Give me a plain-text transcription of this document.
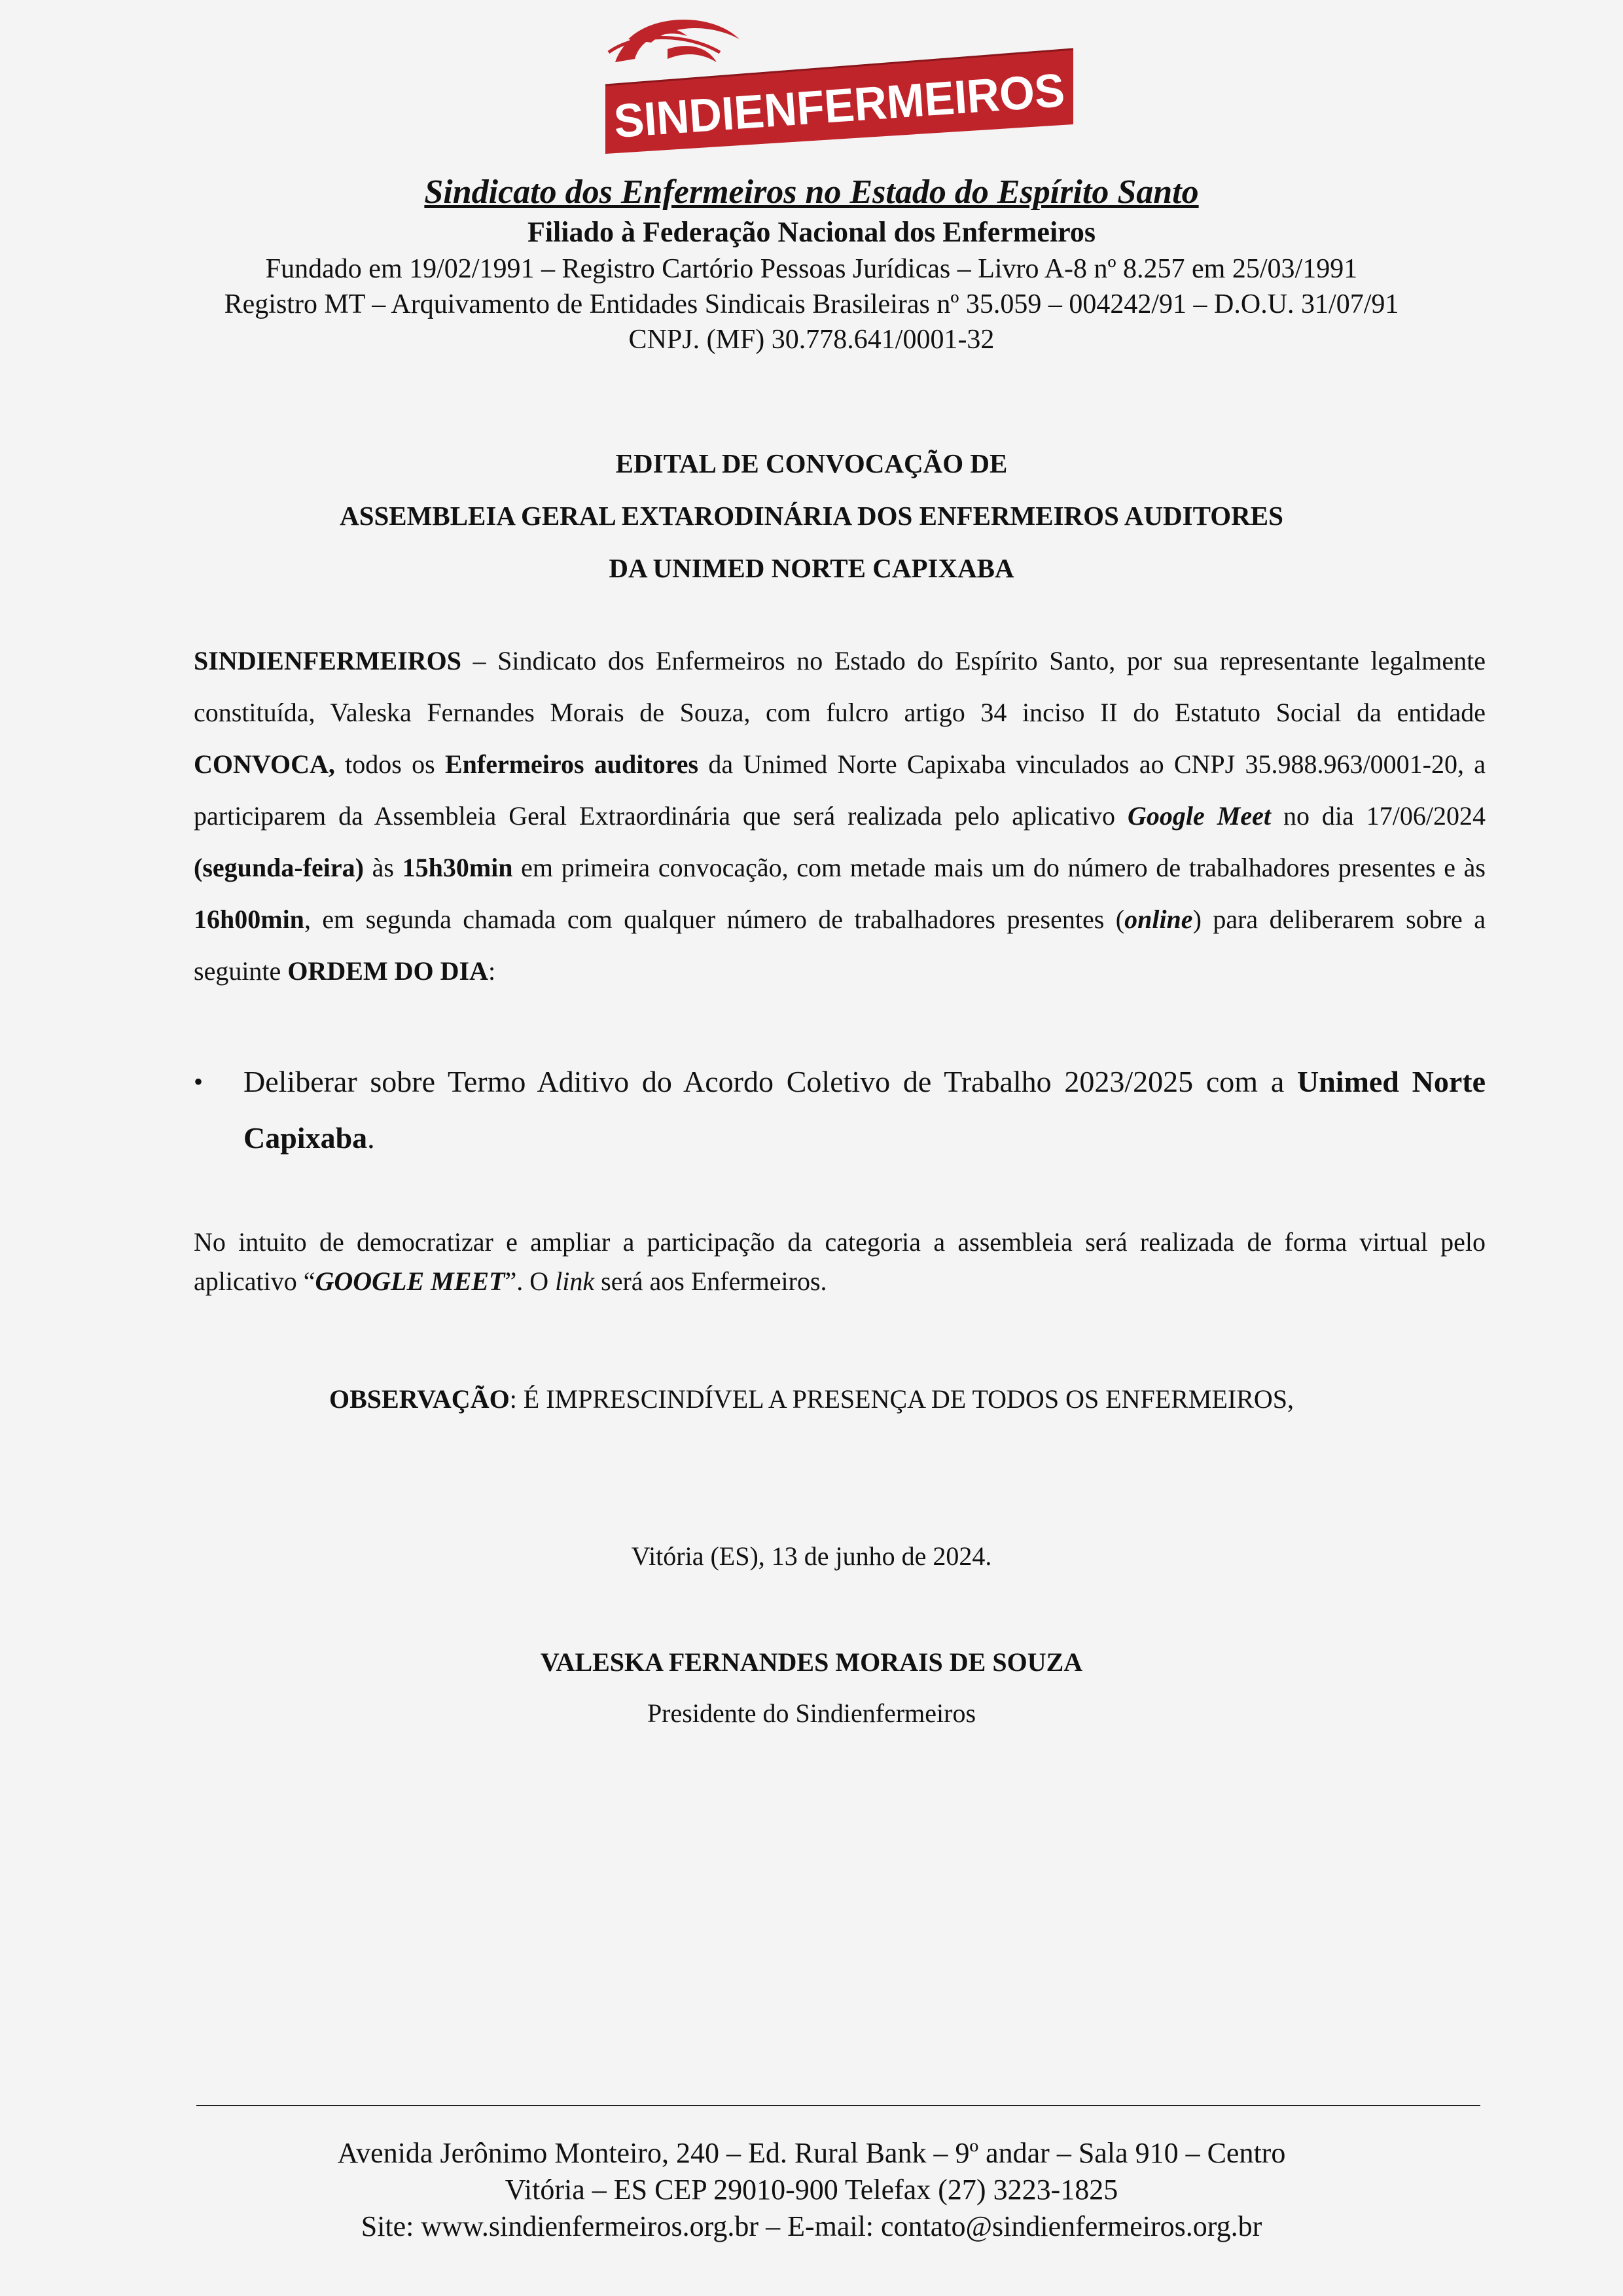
SINDIENFERMEIROS
Sindicato dos Enfermeiros no Estado do Espírito Santo
Filiado à Federação Nacional dos Enfermeiros
Fundado em 19/02/1991 – Registro Cartório Pessoas Jurídicas – Livro A-8 nº 8.257 em 25/03/1991
Registro MT – Arquivamento de Entidades Sindicais Brasileiras nº 35.059 – 004242/91 – D.O.U. 31/07/91
CNPJ. (MF) 30.778.641/0001-32
EDITAL DE CONVOCAÇÃO DE
ASSEMBLEIA GERAL EXTARODINÁRIA DOS ENFERMEIROS AUDITORES
DA UNIMED NORTE CAPIXABA
SINDIENFERMEIROS – Sindicato dos Enfermeiros no Estado do Espírito Santo, por sua representante legalmente constituída, Valeska Fernandes Morais de Souza, com fulcro artigo 34 inciso II do Estatuto Social da entidade CONVOCA, todos os Enfermeiros auditores da Unimed Norte Capixaba vinculados ao CNPJ 35.988.963/0001-20, a participarem da Assembleia Geral Extraordinária que será realizada pelo aplicativo Google Meet no dia 17/06/2024 (segunda-feira) às 15h30min em primeira convocação, com metade mais um do número de trabalhadores presentes e às 16h00min, em segunda chamada com qualquer número de trabalhadores presentes (online) para deliberarem sobre a seguinte ORDEM DO DIA:
• Deliberar sobre Termo Aditivo do Acordo Coletivo de Trabalho 2023/2025 com a Unimed Norte Capixaba.
No intuito de democratizar e ampliar a participação da categoria a assembleia será realizada de forma virtual pelo aplicativo “GOOGLE MEET”. O link será aos Enfermeiros.
OBSERVAÇÃO: É IMPRESCINDÍVEL A PRESENÇA DE TODOS OS ENFERMEIROS,
Vitória (ES), 13 de junho de 2024.
VALESKA FERNANDES MORAIS DE SOUZA
Presidente do Sindienfermeiros
Avenida Jerônimo Monteiro, 240 – Ed. Rural Bank – 9º andar – Sala 910 – Centro
Vitória – ES CEP 29010-900 Telefax (27) 3223-1825
Site: www.sindienfermeiros.org.br – E-mail: contato@sindienfermeiros.org.br
